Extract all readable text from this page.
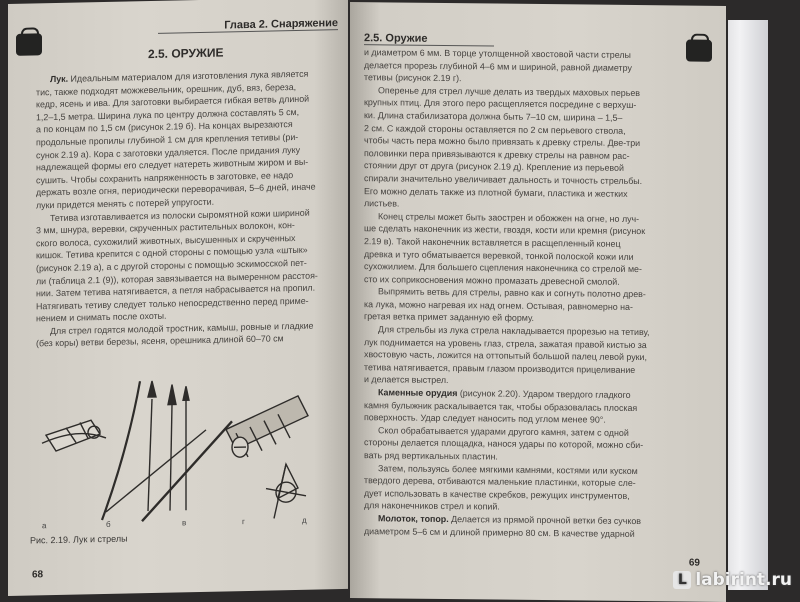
Глава 2. Снаряжение
2.5. ОРУЖИЕ
Лук. Идеальным материалом для изготовления лука является
тис, также подходят можжевельник, орешник, дуб, вяз, береза,
кедр, ясень и ива. Для заготовки выбирается гибкая ветвь длиной
1,2–1,5 метра. Ширина лука по центру должна составлять 5 см,
а по концам по 1,5 см (рисунок 2.19 б). На концах вырезаются
продольные пропилы глубиной 1 см для крепления тетивы (ри-
сунок 2.19 а). Кора с заготовки удаляется. После придания луку
надлежащей формы его следует натереть животным жиром и вы-
сушить. Чтобы сохранить напряженность в заготовке, ее надо
держать возле огня, периодически переворачивая, 5–6 дней, иначе
луки придется менять с потерей упругости.
Тетива изготавливается из полоски сыромятной кожи шириной
3 мм, шнура, веревки, скрученных растительных волокон, кон-
ского волоса, сухожилий животных, высушенных и скрученных
кишок. Тетива крепится с одной стороны с помощью узла «штык»
(рисунок 2.19 а), а с другой стороны с помощью эскимосской пет-
ли (таблица 2.1 (9)), которая завязывается на вымеренном расстоя-
нии. Затем тетива натягивается, а петля набрасывается на пропил.
Натягивать тетиву следует только непосредственно перед приме-
нением и снимать после охоты.
Для стрел годятся молодой тростник, камыш, ровные и гладкие
(без коры) ветви березы, ясеня, орешника длиной 60–70 см
а	б	в	г	д
Рис. 2.19. Лук и стрелы
68
2.5. Оружие
и диаметром 6 мм. В торце утолщенной хвостовой части стрелы
делается прорезь глубиной 4–6 мм и шириной, равной диаметру
тетивы (рисунок 2.19 г).
Оперенье для стрел лучше делать из твердых маховых перьев
крупных птиц. Для этого перо расщепляется посредине с верхуш-
ки. Длина стабилизатора должна быть 7–10 см, ширина – 1,5–
2 см. С каждой стороны оставляется по 2 см перьевого ствола,
чтобы часть пера можно было привязать к древку стрелы. Две-три
половинки пера привязываются к древку стрелы на равном рас-
стоянии друг от друга (рисунок 2.19 д). Крепление из перьевой
спирали значительно увеличивает дальность и точность стрельбы.
Его можно делать также из плотной бумаги, пластика и жестких
листьев.
Конец стрелы может быть заострен и обожжен на огне, но луч-
ше сделать наконечник из жести, гвоздя, кости или кремня (рисунок
2.19 в). Такой наконечник вставляется в расщепленный конец
древка и туго обматывается веревкой, тонкой полоской кожи или
сухожилием. Для большего сцепления наконечника со стрелой ме-
сто их соприкосновения можно промазать древесной смолой.
Выпрямить ветвь для стрелы, равно как и согнуть полотно древ-
ка лука, можно нагревая их над огнем. Остывая, равномерно на-
гретая ветка примет заданную ей форму.
Для стрельбы из лука стрела накладывается прорезью на тетиву,
лук поднимается на уровень глаз, стрела, зажатая правой кистью за
хвостовую часть, ложится на оттопытый большой палец левой руки,
тетива натягивается, правым глазом производится прицеливание
и делается выстрел.
Каменные орудия (рисунок 2.20). Ударом твердого гладкого
камня булыжник раскалывается так, чтобы образовалась плоская
поверхность. Удар следует наносить под углом менее 90°.
Скол обрабатывается ударами другого камня, затем с одной
стороны делается площадка, нанося удары по которой, можно сби-
вать ряд вертикальных пластин.
Затем, пользуясь более мягкими камнями, костями или куском
твердого дерева, отбиваются маленькие пластинки, которые сле-
дует использовать в качестве скребков, режущих инструментов,
для наконечников стрел и копий.
Молоток, топор. Делается из прямой прочной ветки без сучков
диаметром 5–6 см и длиной примерно 80 см. В качестве ударной
69
L labirint.ru
